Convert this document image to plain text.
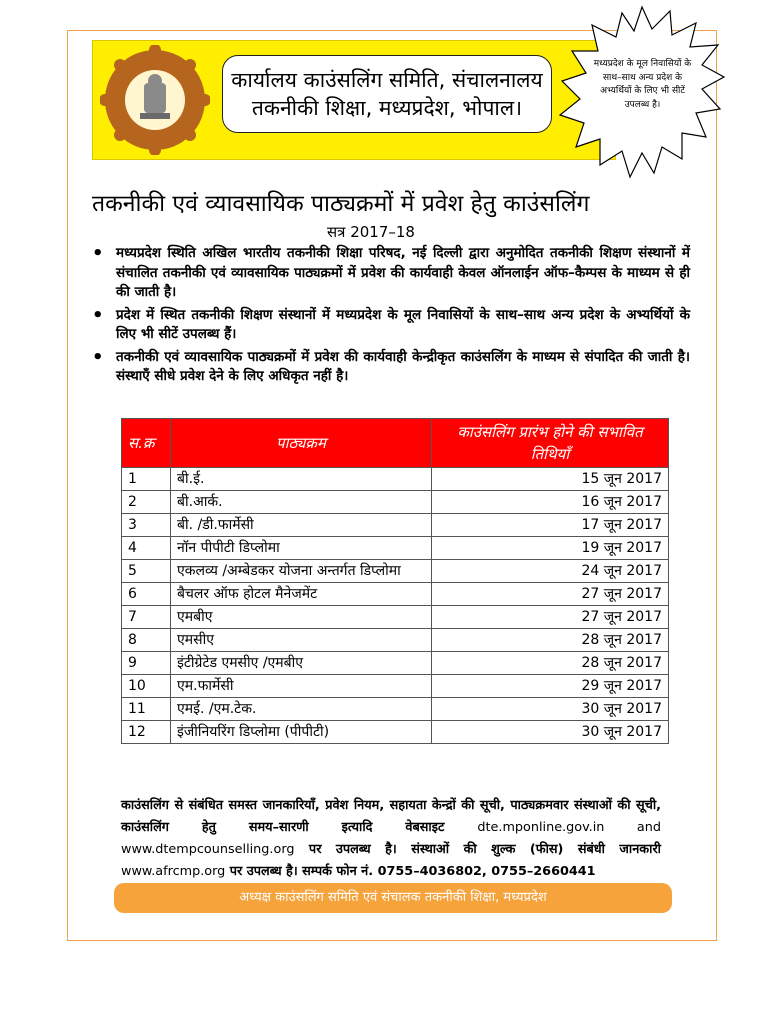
कार्यालय काउंसलिंग समिति, संचालनालय
तकनीकी शिक्षा, मध्यप्रदेश, भोपाल।
मध्यप्रदेश के मूल निवासियों के साथ–साथ अन्य प्रदेश के अभ्यर्थियों के लिए भी सीटें उपलब्ध है।
तकनीकी एवं व्यावसायिक पाठ्यक्रमों में प्रवेश हेतु काउंसलिंग
सत्र 2017–18
• मध्यप्रदेश स्थिति अखिल भारतीय तकनीकी शिक्षा परिषद, नई दिल्ली द्वारा अनुमोदित तकनीकी शिक्षण संस्थानों में संचालित तकनीकी एवं व्यावसायिक पाठ्यक्रमों में प्रवेश की कार्यवाही केवल ऑनलाईन ऑफ–कैम्पस के माध्यम से ही की जाती है।
• प्रदेश में स्थित तकनीकी शिक्षण संस्थानों में मध्यप्रदेश के मूल निवासियों के साथ–साथ अन्य प्रदेश के अभ्यर्थियों के लिए भी सीटें उपलब्ध हैं।
• तकनीकी एवं व्यावसायिक पाठ्यक्रमों में प्रवेश की कार्यवाही केन्द्रीकृत काउंसलिंग के माध्यम से संपादित की जाती है। संस्थाएँ सीधे प्रवेश देने के लिए अधिकृत नहीं है।
स.क्र	पाठ्यक्रम	काउंसलिंग प्रारंभ होने की सभावित तिथियाँ
1	बी.ई.	15 जून 2017
2	बी.आर्क.	16 जून 2017
3	बी. /डी.फार्मेसी	17 जून 2017
4	नॉन पीपीटी डिप्लोमा	19 जून 2017
5	एकलव्य /अम्बेडकर योजना अन्तर्गत डिप्लोमा	24 जून 2017
6	बैचलर ऑफ होटल मैनेजमेंट	27 जून 2017
7	एमबीए	27 जून 2017
8	एमसीए	28 जून 2017
9	इंटीग्रेटेड एमसीए /एमबीए	28 जून 2017
10	एम.फार्मेसी	29 जून 2017
11	एमई. /एम.टेक.	30 जून 2017
12	इंजीनियरिंग डिप्लोमा (पीपीटी)	30 जून 2017
काउंसलिंग से संबंधित समस्त जानकारियाँ, प्रवेश नियम, सहायता केन्द्रों की सूची, पाठ्यक्रमवार संस्थाओं की सूची, काउंसलिंग हेतु समय–सारणी इत्यादि वेबसाइट	dte.mponline.gov.in and www.dtempcounselling.org पर उपलब्ध है। संस्थाओं की शुल्क (फीस) संबंधी जानकारी www.afrcmp.org पर उपलब्ध है। सम्पर्क फोन नं. 0755–4036802, 0755–2660441
अध्यक्ष काउंसलिंग समिति एवं संचालक तकनीकी शिक्षा, मध्यप्रदेश
